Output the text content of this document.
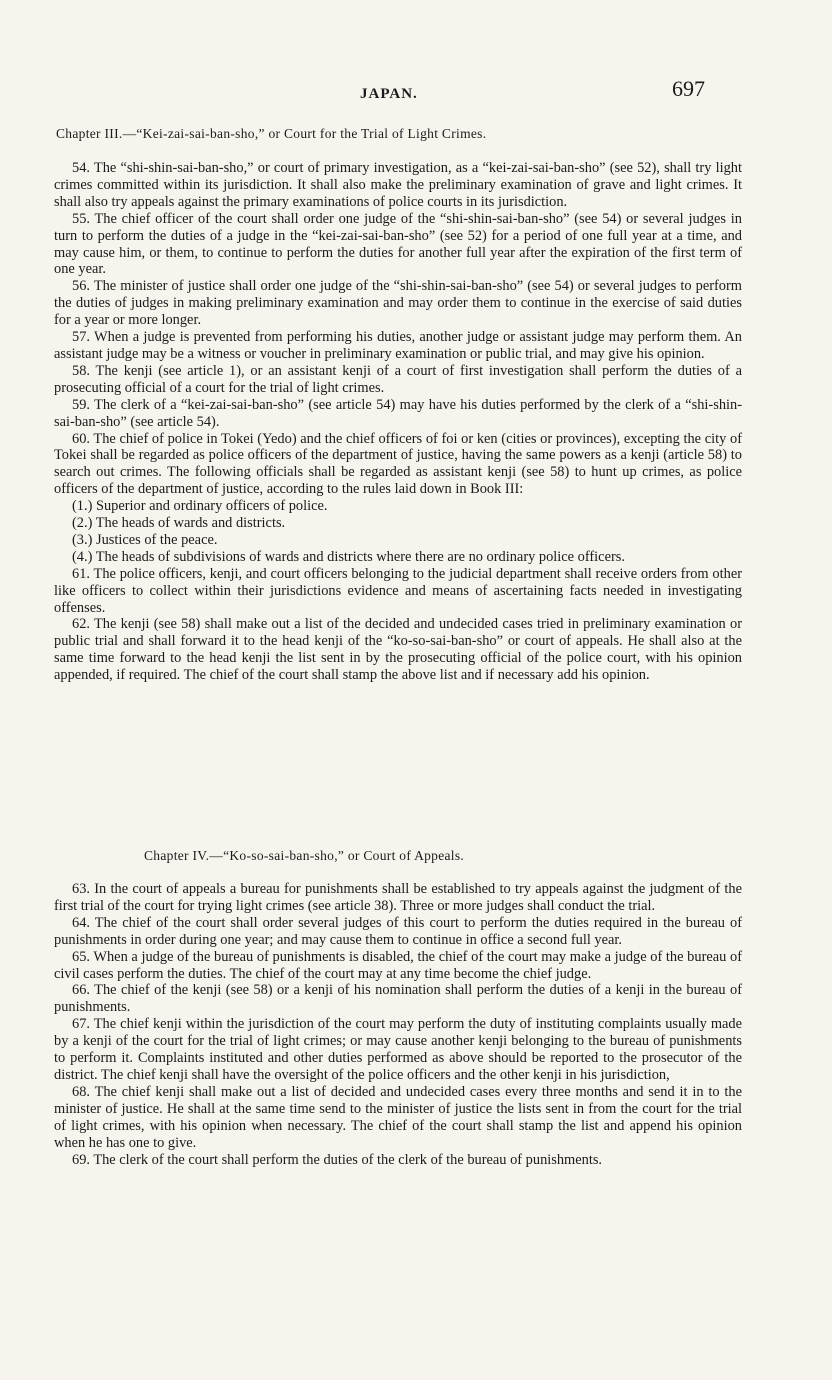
JAPAN.	697
Chapter III.—“Kei-zai-sai-ban-sho,” or Court for the Trial of Light Crimes.

54. The “shi-shin-sai-ban-sho,” or court of primary investigation, as a “kei-zai-sai-ban-sho” (see 52), shall try light crimes committed within its jurisdiction. It shall also make the preliminary examination of grave and light crimes. It shall also try appeals against the primary examinations of police courts in its jurisdiction.

55. The chief officer of the court shall order one judge of the “shi-shin-sai-ban-sho” (see 54) or several judges in turn to perform the duties of a judge in the “kei-zai-sai-ban-sho” (see 52) for a period of one full year at a time, and may cause him, or them, to continue to perform the duties for another full year after the expiration of the first term of one year.

56. The minister of justice shall order one judge of the “shi-shin-sai-ban-sho” (see 54) or several judges to perform the duties of judges in making preliminary examination and may order them to continue in the exercise of said duties for a year or more longer.

57. When a judge is prevented from performing his duties, another judge or assistant judge may perform them. An assistant judge may be a witness or voucher in preliminary examination or public trial, and may give his opinion.

58. The kenji (see article 1), or an assistant kenji of a court of first investigation shall perform the duties of a prosecuting official of a court for the trial of light crimes.

59. The clerk of a “kei-zai-sai-ban-sho” (see article 54) may have his duties performed by the clerk of a “shi-shin-sai-ban-sho” (see article 54).

60. The chief of police in Tokei (Yedo) and the chief officers of foi or ken (cities or provinces), excepting the city of Tokei shall be regarded as police officers of the department of justice, having the same powers as a kenji (article 58) to search out crimes. The following officials shall be regarded as assistant kenji (see 58) to hunt up crimes, as police officers of the department of justice, according to the rules laid down in Book III:

(1.) Superior and ordinary officers of police.

(2.) The heads of wards and districts.

(3.) Justices of the peace.

(4.) The heads of subdivisions of wards and districts where there are no ordinary police officers.

61. The police officers, kenji, and court officers belonging to the judicial department shall receive orders from other like officers to collect within their jurisdictions evidence and means of ascertaining facts needed in investigating offenses.

62. The kenji (see 58) shall make out a list of the decided and undecided cases tried in preliminary examination or public trial and shall forward it to the head kenji of the “ko-so-sai-ban-sho” or court of appeals. He shall also at the same time forward to the head kenji the list sent in by the prosecuting official of the police court, with his opinion appended, if required. The chief of the court shall stamp the above list and if necessary add his opinion.

Chapter IV.—“Ko-so-sai-ban-sho,” or Court of Appeals.

63. In the court of appeals a bureau for punishments shall be established to try appeals against the judgment of the first trial of the court for trying light crimes (see article 38). Three or more judges shall conduct the trial.

64. The chief of the court shall order several judges of this court to perform the duties required in the bureau of punishments in order during one year; and may cause them to continue in office a second full year.

65. When a judge of the bureau of punishments is disabled, the chief of the court may make a judge of the bureau of civil cases perform the duties. The chief of the court may at any time become the chief judge.

66. The chief of the kenji (see 58) or a kenji of his nomination shall perform the duties of a kenji in the bureau of punishments.

67. The chief kenji within the jurisdiction of the court may perform the duty of instituting complaints usually made by a kenji of the court for the trial of light crimes; or may cause another kenji belonging to the bureau of punishments to perform it. Complaints instituted and other duties performed as above should be reported to the prosecutor of the district. The chief kenji shall have the oversight of the police officers and the other kenji in his jurisdiction,

68. The chief kenji shall make out a list of decided and undecided cases every three months and send it in to the minister of justice. He shall at the same time send to the minister of justice the lists sent in from the court for the trial of light crimes, with his opinion when necessary. The chief of the court shall stamp the list and append his opinion when he has one to give.

69. The clerk of the court shall perform the duties of the clerk of the bureau of punishments.
